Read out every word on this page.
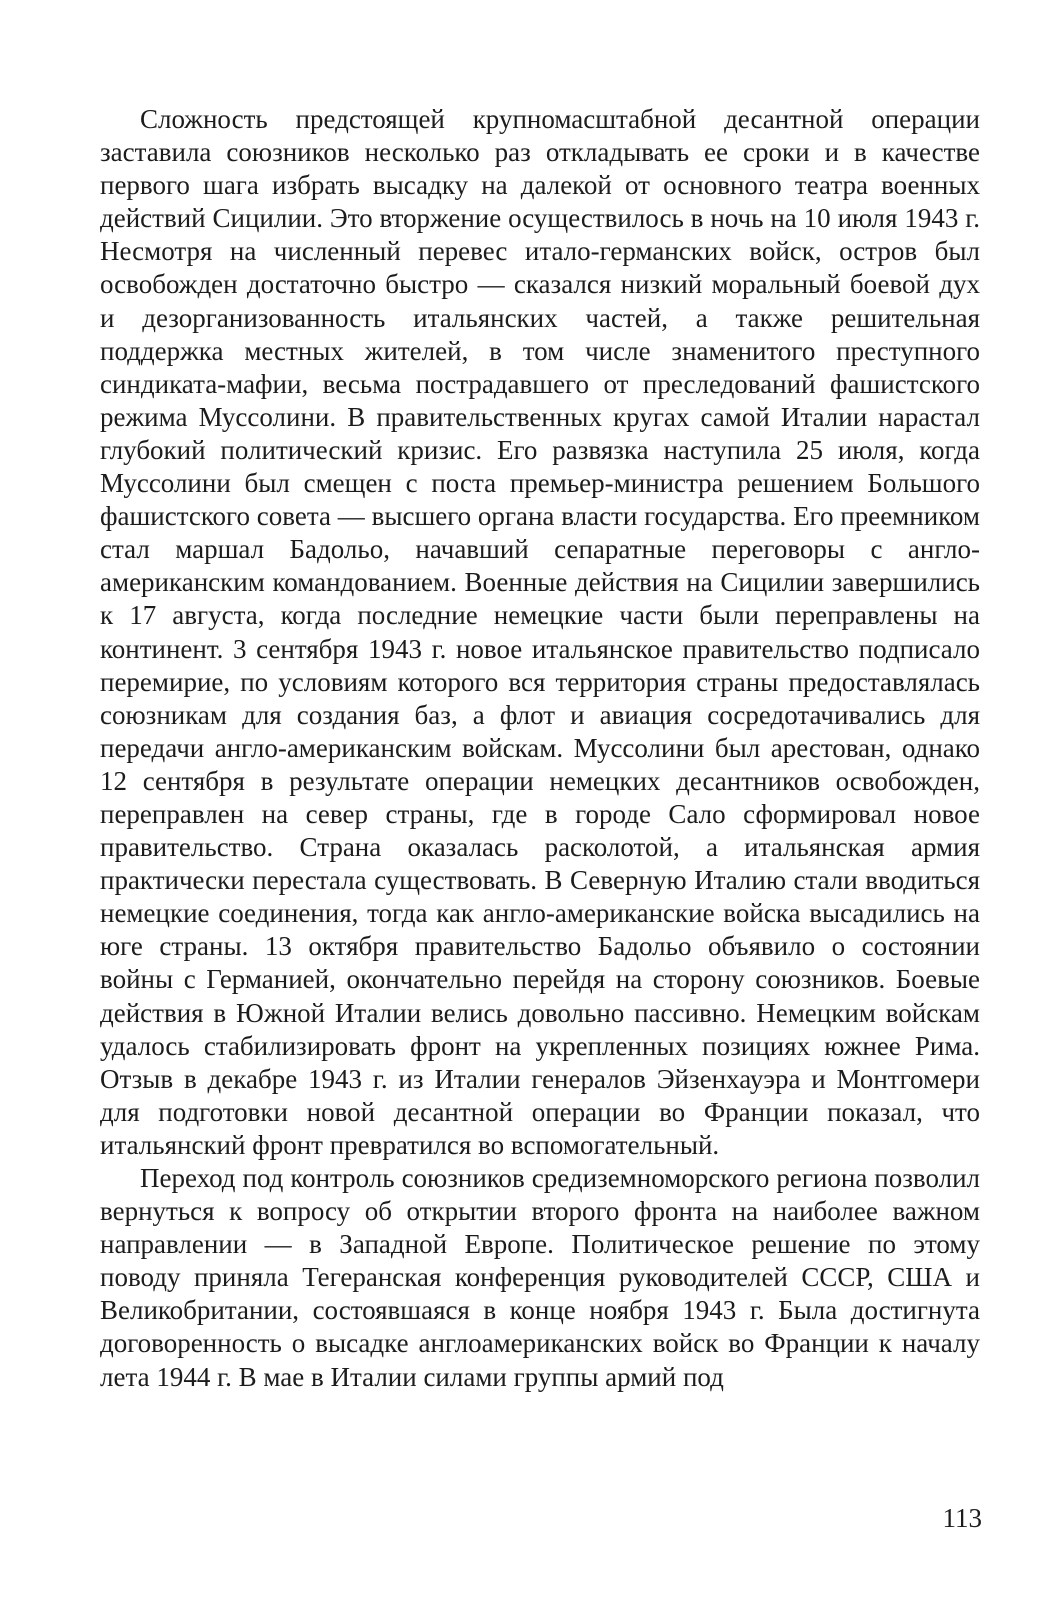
Сложность предстоящей крупномасштабной десантной операции заставила союзников несколько раз откладывать ее сроки и в качестве первого шага избрать высадку на далекой от основного театра военных действий Сицилии. Это вторжение осуществилось в ночь на 10 июля 1943 г. Несмотря на численный перевес итало-германских войск, остров был освобожден достаточно быстро — сказался низкий моральный боевой дух и дезорганизованность итальянских частей, а также решительная поддержка местных жителей, в том числе знаменитого преступного синдиката-мафии, весьма пострадавшего от преследований фашистского режима Муссолини. В правительственных кругах самой Италии нарастал глубокий политический кризис. Его развязка наступила 25 июля, когда Муссолини был смещен с поста премьер-министра решением Большого фашистского совета — высшего органа власти государства. Его преемником стал маршал Бадольо, начавший сепаратные переговоры с англо-американским командованием. Военные действия на Сицилии завершились к 17 августа, когда последние немецкие части были переправлены на континент. 3 сентября 1943 г. новое итальянское правительство подписало перемирие, по условиям которого вся территория страны предоставлялась союзникам для создания баз, а флот и авиация сосредотачивались для передачи англо-американским войскам. Муссолини был арестован, однако 12 сентября в результате операции немецких десантников освобожден, переправлен на север страны, где в городе Сало сформировал новое правительство. Страна оказалась расколотой, а итальянская армия практически перестала существовать. В Северную Италию стали вводиться немецкие соединения, тогда как англо-американские войска высадились на юге страны. 13 октября правительство Бадольо объявило о состоянии войны с Германией, окончательно перейдя на сторону союзников. Боевые действия в Южной Италии велись довольно пассивно. Немецким войскам удалось стабилизировать фронт на укрепленных позициях южнее Рима. Отзыв в декабре 1943 г. из Италии генералов Эйзенхауэра и Монтгомери для подготовки новой десантной операции во Франции показал, что итальянский фронт превратился во вспомогательный.

Переход под контроль союзников средиземноморского региона позволил вернуться к вопросу об открытии второго фронта на наиболее важном направлении — в Западной Европе. Политическое решение по этому поводу приняла Тегеранская конференция руководителей СССР, США и Великобритании, состоявшаяся в конце ноября 1943 г. Была достигнута договоренность о высадке англоамериканских войск во Франции к началу лета 1944 г. В мае в Италии силами группы армий под

113
